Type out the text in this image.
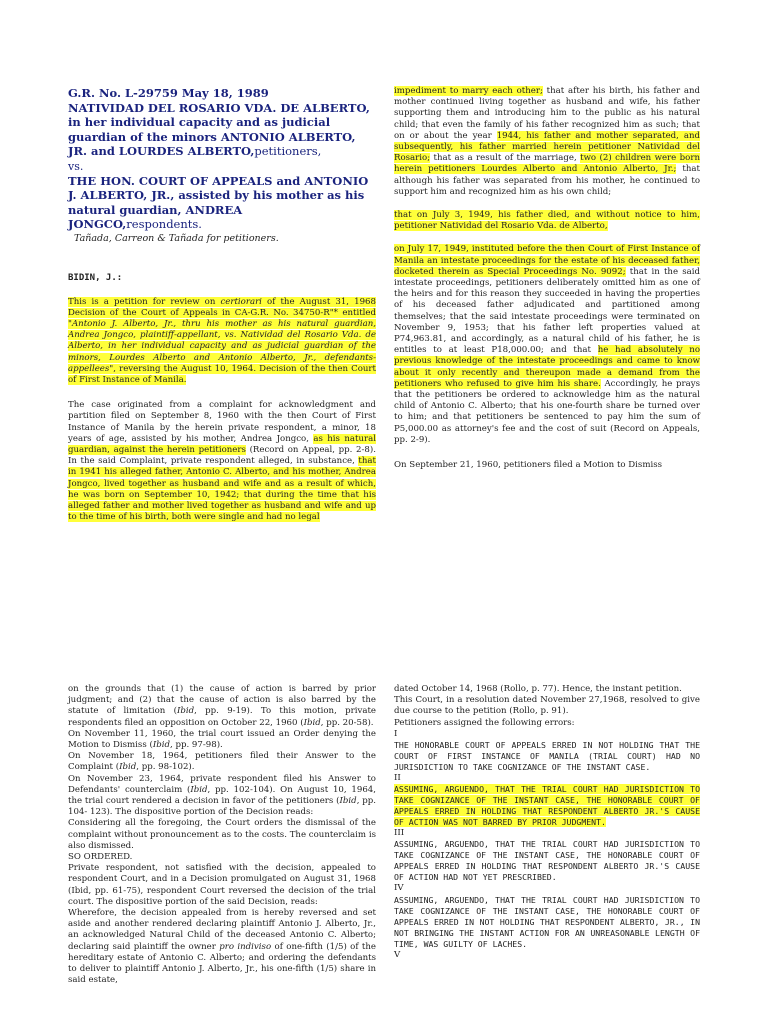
G.R. No. L-29759 May 18, 1989
NATIVIDAD DEL ROSARIO VDA. DE ALBERTO, in her individual capacity and as judicial guardian of the minors ANTONIO ALBERTO, JR. and LOURDES ALBERTO,petitioners,
vs.
THE HON. COURT OF APPEALS and ANTONIO J. ALBERTO, JR., assisted by his mother as his natural guardian, ANDREA JONGCO,respondents.
Tañada, Carreon & Tañada for petitioners.
BIDIN, J.:

This is a petition for review on certiorari of the August 31, 1968 Decision of the Court of Appeals in CA-G.R. No. 34750-R"* entitled "Antonio J. Alberto, Jr., thru his mother as his natural guardian, Andrea Jongco, plaintiff-appellant, vs. Natividad del Rosario Vda. de Alberto, in her individual capacity and as judicial guardian of the minors, Lourdes Alberto and Antonio Alberto, Jr., defendants-appellees", reversing the August 10, 1964. Decision of the then Court of First Instance of Manila.

The case originated from a complaint for acknowledgment and partition filed on September 8, 1960 with the then Court of First Instance of Manila by the herein private respondent, a minor, 18 years of age, assisted by his mother, Andrea Jongco, as his natural guardian, against the herein petitioners (Record on Appeal, pp. 2-8). In the said Complaint, private respondent alleged, in substance, that in 1941 his alleged father, Antonio C. Alberto, and his mother, Andrea Jongco, lived together as husband and wife and as a result of which, he was born on September 10, 1942; that during the time that his alleged father and mother lived together as husband and wife and up to the time of his birth, both were single and had no legal

impediment to marry each other; that after his birth, his father and mother continued living together as husband and wife, his father supporting them and introducing him to the public as his natural child; that even the family of his father recognized him as such; that on or about the year 1944, his father and mother separated, and subsequently, his father married herein petitioner Natividad del Rosario; that as a result of the marriage, two (2) children were born herein petitioners Lourdes Alberto and Antonio Alberto, Jr.; that although his father was separated from his mother, he continued to support him and recognized him as his own child;

that on July 3, 1949, his father died, and without notice to him, petitioner Natividad del Rosario Vda. de Alberto,

on July 17, 1949, instituted before the then Court of First Instance of Manila an intestate proceedings for the estate of his deceased father, docketed therein as Special Proceedings No. 9092; that in the said intestate proceedings, petitioners deliberately omitted him as one of the heirs and for this reason they succeeded in having the properties of his deceased father adjudicated and partitioned among themselves; that the said intestate proceedings were terminated on November 9, 1953; that his father left properties valued at P74,963.81, and accordingly, as a natural child of his father, he is entitles to at least P18,000.00; and that he had absolutely no previous knowledge of the intestate proceedings and came to know about it only recently and thereupon made a demand from the petitioners who refused to give him his share. Accordingly, he prays that the petitioners be ordered to acknowledge him as the natural child of Antonio C. Alberto; that his one-fourth share be turned over to him; and that petitioners be sentenced to pay him the sum of P5,000.00 as attorney's fee and the cost of suit (Record on Appeals, pp. 2-9).

On September 21, 1960, petitioners filed a Motion to Dismiss

on the grounds that (1) the cause of action is barred by prior judgment; and (2) that the cause of action is also barred by the statute of limitation (Ibid, pp. 9-19). To this motion, private respondents filed an opposition on October 22, 1960 (Ibid, pp. 20-58).

On November 11, 1960, the trial court issued an Order denying the Motion to Dismiss (Ibid, pp. 97-98).

On November 18, 1964, petitioners filed their Answer to the Complaint (Ibid, pp. 98-102).

On November 23, 1964, private respondent filed his Answer to Defendants' counterclaim (Ibid, pp. 102-104). On August 10, 1964, the trial court rendered a decision in favor of the petitioners (Ibid, pp. 104- 123). The dispositive portion of the Decision reads:

Considering all the foregoing, the Court orders the dismissal of the complaint without pronouncement as to the costs. The counterclaim is also dismissed.

SO ORDERED.

Private respondent, not satisfied with the decision, appealed to respondent Court, and in a Decision promulgated on August 31, 1968 (Ibid, pp. 61-75), respondent Court reversed the decision of the trial court. The dispositive portion of the said Decision, reads:

Wherefore, the decision appealed from is hereby reversed and set aside and another rendered declaring plaintiff Antonio J. Alberto, Jr., an acknowledged Natural Child of the deceased Antonio C. Alberto; declaring said plaintiff the owner pro indiviso of one-fifth (1/5) of the hereditary estate of Antonio C. Alberto; and ordering the defendants to deliver to plaintiff Antonio J. Alberto, Jr., his one-fifth (1/5) share in said estate,

dated October 14, 1968 (Rollo, p. 77). Hence, the instant petition.

This Court, in a resolution dated November 27,1968, resolved to give due course to the petition (Rollo, p. 91).

Petitioners assigned the following errors:

I

THE HONORABLE COURT OF APPEALS ERRED IN NOT HOLDING THAT THE COURT OF FIRST INSTANCE OF MANILA (TRIAL COURT) HAD NO JURISDICTION TO TAKE COGNIZANCE OF THE INSTANT CASE.

II

ASSUMING, ARGUENDO, THAT THE TRIAL COURT HAD JURISDICTION TO TAKE COGNIZANCE OF THE INSTANT CASE, THE HONORABLE COURT OF APPEALS ERRED IN HOLDING THAT RESPONDENT ALBERTO JR.'S CAUSE OF ACTION WAS NOT BARRED BY PRIOR JUDGMENT.

III

ASSUMING, ARGUENDO, THAT THE TRIAL COURT HAD JURISDICTION TO TAKE COGNIZANCE OF THE INSTANT CASE, THE HONORABLE COURT OF APPEALS ERRED IN HOLDING THAT RESPONDENT ALBERTO JR.'S CAUSE OF ACTION HAD NOT YET PRESCRIBED.

IV

ASSUMING, ARGUENDO, THAT THE TRIAL COURT HAD JURISDICTION TO TAKE COGNIZANCE OF THE INSTANT CASE, THE HONORABLE COURT OF APPEALS ERRED IN NOT HOLDING THAT RESPONDENT ALBERTO, JR., IN NOT BRINGING THE INSTANT ACTION FOR AN UNREASONABLE LENGTH OF TIME, WAS GUILTY OF LACHES.

V
